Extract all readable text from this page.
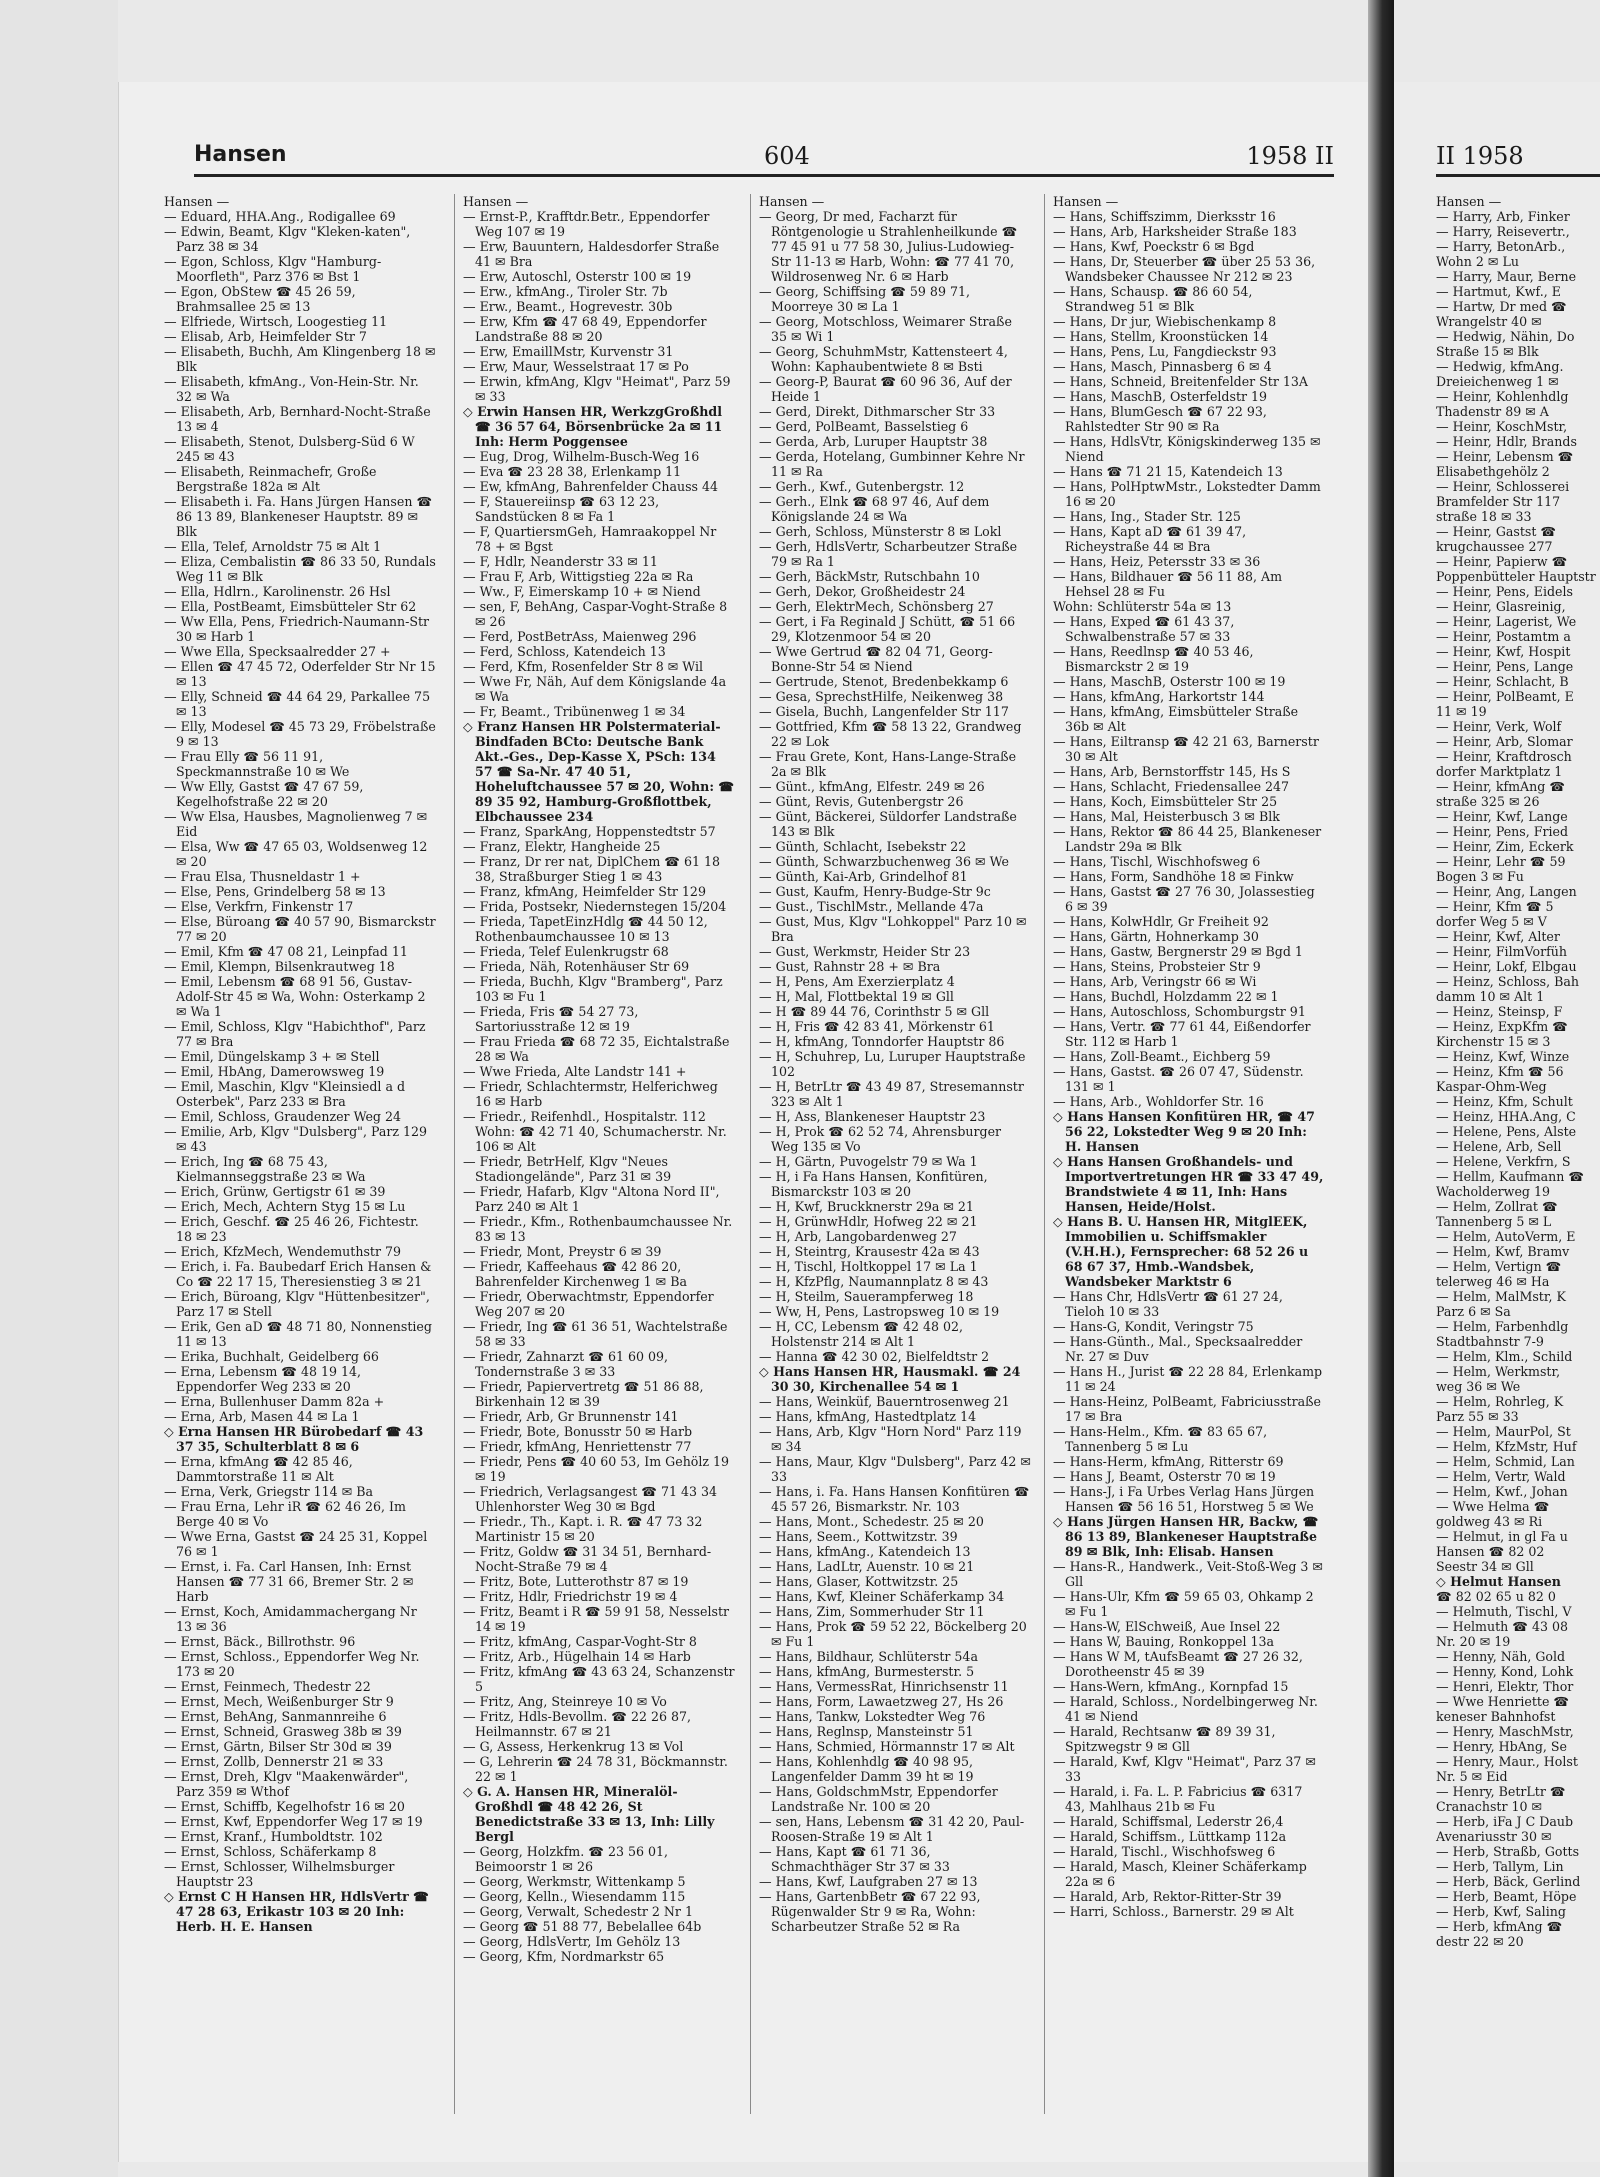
Hansen	604	1958 II
Hansen —
— Eduard, HHA.Ang., Rodigallee 69
— Edwin, Beamt, Klgv "Kleken-katen", Parz 38 ✉ 34
— Egon, Schloss, Klgv "Hamburg-Moorfleth", Parz 376 ✉ Bst 1
— Egon, ObStew ☎ 45 26 59, Brahmsallee 25 ✉ 13
— Elfriede, Wirtsch, Loogestieg 11
— Elisab, Arb, Heimfelder Str 7
— Elisabeth, Buchh, Am Klingenberg 18 ✉ Blk
— Elisabeth, kfmAng., Von-Hein-Str. Nr. 32 ✉ Wa
— Elisabeth, Arb, Bernhard-Nocht-Straße 13 ✉ 4
— Elisabeth, Stenot, Dulsberg-Süd 6 W 245 ✉ 43
— Elisabeth, Reinmachefr, Große Bergstraße 182a ✉ Alt
— Elisabeth i. Fa. Hans Jürgen Hansen ☎ 86 13 89, Blankeneser Hauptstr. 89 ✉ Blk
— Ella, Telef, Arnoldstr 75 ✉ Alt 1
— Eliza, Cembalistin ☎ 86 33 50, Rundals Weg 11 ✉ Blk
— Ella, Hdlrn., Karolinenstr. 26 Hsl
— Ella, PostBeamt, Eimsbütteler Str 62
— Ww Ella, Pens, Friedrich-Naumann-Str 30 ✉ Harb 1
— Wwe Ella, Specksaalredder 27 +
— Ellen ☎ 47 45 72, Oderfelder Str Nr 15 ✉ 13
— Elly, Schneid ☎ 44 64 29, Parkallee 75 ✉ 13
— Elly, Modesel ☎ 45 73 29, Fröbelstraße 9 ✉ 13
— Frau Elly ☎ 56 11 91, Speckmannstraße 10 ✉ We
— Ww Elly, Gastst ☎ 47 67 59, Kegelhofstraße 22 ✉ 20
— Ww Elsa, Hausbes, Magnolienweg 7 ✉ Eid
— Elsa, Ww ☎ 47 65 03, Woldsenweg 12 ✉ 20
— Frau Elsa, Thusneldastr 1 +
— Else, Pens, Grindelberg 58 ✉ 13
— Else, Verkfrn, Finkenstr 17
— Else, Büroang ☎ 40 57 90, Bismarckstr 77 ✉ 20
— Emil, Kfm ☎ 47 08 21, Leinpfad 11
— Emil, Klempn, Bilsenkrautweg 18
— Emil, Lebensm ☎ 68 91 56, Gustav-Adolf-Str 45 ✉ Wa, Wohn: Osterkamp 2 ✉ Wa 1
— Emil, Schloss, Klgv "Habichthof", Parz 77 ✉ Bra
— Emil, Düngelskamp 3 + ✉ Stell
— Emil, HbAng, Damerowsweg 19
— Emil, Maschin, Klgv "Kleinsiedl a d Osterbek", Parz 233 ✉ Bra
— Emil, Schloss, Graudenzer Weg 24
— Emilie, Arb, Klgv "Dulsberg", Parz 129 ✉ 43
— Erich, Ing ☎ 68 75 43, Kielmannseggstraße 23 ✉ Wa
— Erich, Grünw, Gertigstr 61 ✉ 39
— Erich, Mech, Achtern Styg 15 ✉ Lu
— Erich, Geschf. ☎ 25 46 26, Fichtestr. 18 ✉ 23
— Erich, KfzMech, Wendemuthstr 79
— Erich, i. Fa. Baubedarf Erich Hansen & Co ☎ 22 17 15, Theresienstieg 3 ✉ 21
— Erich, Büroang, Klgv "Hüttenbesitzer", Parz 17 ✉ Stell
— Erik, Gen aD ☎ 48 71 80, Nonnenstieg 11 ✉ 13
— Erika, Buchhalt, Geidelberg 66
— Erna, Lebensm ☎ 48 19 14, Eppendorfer Weg 233 ✉ 20
— Erna, Bullenhuser Damm 82a +
— Erna, Arb, Masen 44 ✉ La 1
◇ Erna Hansen HR Bürobedarf ☎ 43 37 35, Schulterblatt 8 ✉ 6
— Erna, kfmAng ☎ 42 85 46, Dammtorstraße 11 ✉ Alt
— Erna, Verk, Griegstr 114 ✉ Ba
— Frau Erna, Lehr iR ☎ 62 46 26, Im Berge 40 ✉ Vo
— Wwe Erna, Gastst ☎ 24 25 31, Koppel 76 ✉ 1
— Ernst, i. Fa. Carl Hansen, Inh: Ernst Hansen ☎ 77 31 66, Bremer Str. 2 ✉ Harb
— Ernst, Koch, Amidammachergang Nr 13 ✉ 36
— Ernst, Bäck., Billrothstr. 96
— Ernst, Schloss., Eppendorfer Weg Nr. 173 ✉ 20
— Ernst, Feinmech, Thedestr 22
— Ernst, Mech, Weißenburger Str 9
— Ernst, BehAng, Sanmannreihe 6
— Ernst, Schneid, Grasweg 38b ✉ 39
— Ernst, Gärtn, Bilser Str 30d ✉ 39
— Ernst, Zollb, Dennerstr 21 ✉ 33
— Ernst, Dreh, Klgv "Maakenwärder", Parz 359 ✉ Wthof
— Ernst, Schiffb, Kegelhofstr 16 ✉ 20
— Ernst, Kwf, Eppendorfer Weg 17 ✉ 19
— Ernst, Kranf., Humboldtstr. 102
— Ernst, Schloss, Schäferkamp 8
— Ernst, Schlosser, Wilhelmsburger Hauptstr 23
◇ Ernst C H Hansen HR, HdlsVertr ☎ 47 28 63, Erikastr 103 ✉ 20 Inh: Herb. H. E. Hansen
Hansen —
— Ernst-P., Krafftdr.Betr., Eppendorfer Weg 107 ✉ 19
— Erw, Bauuntern, Haldesdorfer Straße 41 ✉ Bra
— Erw, Autoschl, Osterstr 100 ✉ 19
— Erw., kfmAng., Tiroler Str. 7b
— Erw., Beamt., Hogrevestr. 30b
— Erw, Kfm ☎ 47 68 49, Eppendorfer Landstraße 88 ✉ 20
— Erw, EmaillMstr, Kurvenstr 31
— Erw, Maur, Wesselstraat 17 ✉ Po
— Erwin, kfmAng, Klgv "Heimat", Parz 59 ✉ 33
◇ Erwin Hansen HR, WerkzgGroßhdl ☎ 36 57 64, Börsenbrücke 2a ✉ 11 Inh: Herm Poggensee
— Eug, Drog, Wilhelm-Busch-Weg 16
— Eva ☎ 23 28 38, Erlenkamp 11
— Ew, kfmAng, Bahrenfelder Chauss 44
— F, Stauereiinsp ☎ 63 12 23, Sandstücken 8 ✉ Fa 1
— F, QuartiersmGeh, Hamraakoppel Nr 78 + ✉ Bgst
— F, Hdlr, Neanderstr 33 ✉ 11
— Frau F, Arb, Wittigstieg 22a ✉ Ra
— Ww., F, Eimerskamp 10 + ✉ Niend
— sen, F, BehAng, Caspar-Voght-Straße 8 ✉ 26
— Ferd, PostBetrAss, Maienweg 296
— Ferd, Schloss, Katendeich 13
— Ferd, Kfm, Rosenfelder Str 8 ✉ Wil
— Wwe Fr, Näh, Auf dem Königslande 4a ✉ Wa
— Fr, Beamt., Tribünenweg 1 ✉ 34
◇ Franz Hansen HR Polstermaterial-Bindfaden BCto: Deutsche Bank Akt.-Ges., Dep-Kasse X, PSch: 134 57 ☎ Sa-Nr. 47 40 51, Hoheluftchaussee 57 ✉ 20, Wohn: ☎ 89 35 92, Hamburg-Großflottbek, Elbchaussee 234
— Franz, SparkAng, Hoppenstedtstr 57
— Franz, Elektr, Hangheide 25
— Franz, Dr rer nat, DiplChem ☎ 61 18 38, Straßburger Stieg 1 ✉ 43
— Franz, kfmAng, Heimfelder Str 129
— Frida, Postsekr, Niedernstegen 15/204
— Frieda, TapetEinzHdlg ☎ 44 50 12, Rothenbaumchaussee 10 ✉ 13
— Frieda, Telef Eulenkrugstr 68
— Frieda, Näh, Rotenhäuser Str 69
— Frieda, Buchh, Klgv "Bramberg", Parz 103 ✉ Fu 1
— Frieda, Fris ☎ 54 27 73, Sartoriusstraße 12 ✉ 19
— Frau Frieda ☎ 68 72 35, Eichtalstraße 28 ✉ Wa
— Wwe Frieda, Alte Landstr 141 +
— Friedr, Schlachtermstr, Helferichweg 16 ✉ Harb
— Friedr., Reifenhdl., Hospitalstr. 112 Wohn: ☎ 42 71 40, Schumacherstr. Nr. 106 ✉ Alt
— Friedr, BetrHelf, Klgv "Neues Stadiongelände", Parz 31 ✉ 39
— Friedr, Hafarb, Klgv "Altona Nord II", Parz 240 ✉ Alt 1
— Friedr., Kfm., Rothenbaumchaussee Nr. 83 ✉ 13
— Friedr, Mont, Preystr 6 ✉ 39
— Friedr, Kaffeehaus ☎ 42 86 20, Bahrenfelder Kirchenweg 1 ✉ Ba
— Friedr, Oberwachtmstr, Eppendorfer Weg 207 ✉ 20
— Friedr, Ing ☎ 61 36 51, Wachtelstraße 58 ✉ 33
— Friedr, Zahnarzt ☎ 61 60 09, Tondernstraße 3 ✉ 33
— Friedr, Papiervertretg ☎ 51 86 88, Birkenhain 12 ✉ 39
— Friedr, Arb, Gr Brunnenstr 141
— Friedr, Bote, Bonusstr 50 ✉ Harb
— Friedr, kfmAng, Henriettenstr 77
— Friedr, Pens ☎ 40 60 53, Im Gehölz 19 ✉ 19
— Friedrich, Verlagsangest ☎ 71 43 34 Uhlenhorster Weg 30 ✉ Bgd
— Friedr., Th., Kapt. i. R. ☎ 47 73 32 Martinistr 15 ✉ 20
— Fritz, Goldw ☎ 31 34 51, Bernhard-Nocht-Straße 79 ✉ 4
— Fritz, Bote, Lutterothstr 87 ✉ 19
— Fritz, Hdlr, Friedrichstr 19 ✉ 4
— Fritz, Beamt i R ☎ 59 91 58, Nesselstr 14 ✉ 19
— Fritz, kfmAng, Caspar-Voght-Str 8
— Fritz, Arb., Hügelhain 14 ✉ Harb
— Fritz, kfmAng ☎ 43 63 24, Schanzenstr 5
— Fritz, Ang, Steinreye 10 ✉ Vo
— Fritz, Hdls-Bevollm. ☎ 22 26 87, Heilmannstr. 67 ✉ 21
— G, Assess, Herkenkrug 13 ✉ Vol
— G, Lehrerin ☎ 24 78 31, Böckmannstr. 22 ✉ 1
◇ G. A. Hansen HR, Mineralöl-Großhdl ☎ 48 42 26, St Benedictstraße 33 ✉ 13, Inh: Lilly Bergl
— Georg, Holzkfm. ☎ 23 56 01, Beimoorstr 1 ✉ 26
— Georg, Werkmstr, Wittenkamp 5
— Georg, Kelln., Wiesendamm 115
— Georg, Verwalt, Schedestr 2 Nr 1
— Georg ☎ 51 88 77, Bebelallee 64b
— Georg, HdlsVertr, Im Gehölz 13
— Georg, Kfm, Nordmarkstr 65
Hansen —
— Georg, Dr med, Facharzt für Röntgenologie u Strahlenheilkunde ☎ 77 45 91 u 77 58 30, Julius-Ludowieg-Str 11-13 ✉ Harb, Wohn: ☎ 77 41 70, Wildrosenweg Nr. 6 ✉ Harb
— Georg, Schiffsing ☎ 59 89 71, Moorreye 30 ✉ La 1
— Georg, Motschloss, Weimarer Straße 35 ✉ Wi 1
— Georg, SchuhmMstr, Kattensteert 4, Wohn: Kaphaubentwiete 8 ✉ Bsti
— Georg-P, Baurat ☎ 60 96 36, Auf der Heide 1
— Gerd, Direkt, Dithmarscher Str 33
— Gerd, PolBeamt, Basselstieg 6
— Gerda, Arb, Luruper Hauptstr 38
— Gerda, Hotelang, Gumbinner Kehre Nr 11 ✉ Ra
— Gerh., Kwf., Gutenbergstr. 12
— Gerh., Elnk ☎ 68 97 46, Auf dem Königslande 24 ✉ Wa
— Gerh, Schloss, Münsterstr 8 ✉ Lokl
— Gerh, HdlsVertr, Scharbeutzer Straße 79 ✉ Ra 1
— Gerh, BäckMstr, Rutschbahn 10
— Gerh, Dekor, Großheidestr 24
— Gerh, ElektrMech, Schönsberg 27
— Gert, i Fa Reginald J Schütt, ☎ 51 66 29, Klotzenmoor 54 ✉ 20
— Wwe Gertrud ☎ 82 04 71, Georg-Bonne-Str 54 ✉ Niend
— Gertrude, Stenot, Bredenbekkamp 6
— Gesa, SprechstHilfe, Neikenweg 38
— Gisela, Buchh, Langenfelder Str 117
— Gottfried, Kfm ☎ 58 13 22, Grandweg 22 ✉ Lok
— Frau Grete, Kont, Hans-Lange-Straße 2a ✉ Blk
— Günt., kfmAng, Elfestr. 249 ✉ 26
— Günt, Revis, Gutenbergstr 26
— Günt, Bäckerei, Süldorfer Landstraße 143 ✉ Blk
— Günth, Schlacht, Isebekstr 22
— Günth, Schwarzbuchenweg 36 ✉ We
— Günth, Kai-Arb, Grindelhof 81
— Gust, Kaufm, Henry-Budge-Str 9c
— Gust., TischlMstr., Mellande 47a
— Gust, Mus, Klgv "Lohkoppel" Parz 10 ✉ Bra
— Gust, Werkmstr, Heider Str 23
— Gust, Rahnstr 28 + ✉ Bra
— H, Pens, Am Exerzierplatz 4
— H, Mal, Flottbektal 19 ✉ Gll
— H ☎ 89 44 76, Corinthstr 5 ✉ Gll
— H, Fris ☎ 42 83 41, Mörkenstr 61
— H, kfmAng, Tonndorfer Hauptstr 86
— H, Schuhrep, Lu, Luruper Hauptstraße 102
— H, BetrLtr ☎ 43 49 87, Stresemannstr 323 ✉ Alt 1
— H, Ass, Blankeneser Hauptstr 23
— H, Prok ☎ 62 52 74, Ahrensburger Weg 135 ✉ Vo
— H, Gärtn, Puvogelstr 79 ✉ Wa 1
— H, i Fa Hans Hansen, Konfitüren, Bismarckstr 103 ✉ 20
— H, Kwf, Bruckknerstr 29a ✉ 21
— H, GrünwHdlr, Hofweg 22 ✉ 21
— H, Arb, Langobardenweg 27
— H, Steintrg, Krausestr 42a ✉ 43
— H, Tischl, Holtkoppel 17 ✉ La 1
— H, KfzPflg, Naumannplatz 8 ✉ 43
— H, Steilm, Sauerampferweg 18
— Ww, H, Pens, Lastropsweg 10 ✉ 19
— H, CC, Lebensm ☎ 42 48 02, Holstenstr 214 ✉ Alt 1
— Hanna ☎ 42 30 02, Bielfeldtstr 2
◇ Hans Hansen HR, Hausmakl. ☎ 24 30 30, Kirchenallee 54 ✉ 1
— Hans, Weinküf, Bauerntrosenweg 21
— Hans, kfmAng, Hastedtplatz 14
— Hans, Arb, Klgv "Horn Nord" Parz 119 ✉ 34
— Hans, Maur, Klgv "Dulsberg", Parz 42 ✉ 33
— Hans, i. Fa. Hans Hansen Konfitüren ☎ 45 57 26, Bismarkstr. Nr. 103
— Hans, Mont., Schedestr. 25 ✉ 20
— Hans, Seem., Kottwitzstr. 39
— Hans, kfmAng., Katendeich 13
— Hans, LadLtr, Auenstr. 10 ✉ 21
— Hans, Glaser, Kottwitzstr. 25
— Hans, Kwf, Kleiner Schäferkamp 34
— Hans, Zim, Sommerhuder Str 11
— Hans, Prok ☎ 59 52 22, Böckelberg 20 ✉ Fu 1
— Hans, Bildhaur, Schlüterstr 54a
— Hans, kfmAng, Burmesterstr. 5
— Hans, VermessRat, Hinrichsenstr 11
— Hans, Form, Lawaetzweg 27, Hs 26
— Hans, Tankw, Lokstedter Weg 76
— Hans, Reglnsp, Mansteinstr 51
— Hans, Schmied, Hörmannstr 17 ✉ Alt
— Hans, Kohlenhdlg ☎ 40 98 95, Langenfelder Damm 39 ht ✉ 19
— Hans, GoldschmMstr, Eppendorfer Landstraße Nr. 100 ✉ 20
— sen, Hans, Lebensm ☎ 31 42 20, Paul-Roosen-Straße 19 ✉ Alt 1
— Hans, Kapt ☎ 61 71 36, Schmachthäger Str 37 ✉ 33
— Hans, Kwf, Laufgraben 27 ✉ 13
— Hans, GartenbBetr ☎ 67 22 93, Rügenwalder Str 9 ✉ Ra, Wohn: Scharbeutzer Straße 52 ✉ Ra
Hansen —
— Hans, Schiffszimm, Dierksstr 16
— Hans, Arb, Harksheider Straße 183
— Hans, Kwf, Poeckstr 6 ✉ Bgd
— Hans, Dr, Steuerber ☎ über 25 53 36, Wandsbeker Chaussee Nr 212 ✉ 23
— Hans, Schausp. ☎ 86 60 54, Strandweg 51 ✉ Blk
— Hans, Dr jur, Wiebischenkamp 8
— Hans, Stellm, Kroonstücken 14
— Hans, Pens, Lu, Fangdieckstr 93
— Hans, Masch, Pinnasberg 6 ✉ 4
— Hans, Schneid, Breitenfelder Str 13A
— Hans, MaschB, Osterfeldstr 19
— Hans, BlumGesch ☎ 67 22 93, Rahlstedter Str 90 ✉ Ra
— Hans, HdlsVtr, Königskinderweg 135 ✉ Niend
— Hans ☎ 71 21 15, Katendeich 13
— Hans, PolHptwMstr., Lokstedter Damm 16 ✉ 20
— Hans, Ing., Stader Str. 125
— Hans, Kapt aD ☎ 61 39 47, Richeystraße 44 ✉ Bra
— Hans, Heiz, Petersstr 33 ✉ 36
— Hans, Bildhauer ☎ 56 11 88, Am Hehsel 28 ✉ Fu
Wohn: Schlüterstr 54a ✉ 13
— Hans, Exped ☎ 61 43 37, Schwalbenstraße 57 ✉ 33
— Hans, Reedlnsp ☎ 40 53 46, Bismarckstr 2 ✉ 19
— Hans, MaschB, Osterstr 100 ✉ 19
— Hans, kfmAng, Harkortstr 144
— Hans, kfmAng, Eimsbütteler Straße 36b ✉ Alt
— Hans, Eiltransp ☎ 42 21 63, Barnerstr 30 ✉ Alt
— Hans, Arb, Bernstorffstr 145, Hs S
— Hans, Schlacht, Friedensallee 247
— Hans, Koch, Eimsbütteler Str 25
— Hans, Mal, Heisterbusch 3 ✉ Blk
— Hans, Rektor ☎ 86 44 25, Blankeneser Landstr 29a ✉ Blk
— Hans, Tischl, Wischhofsweg 6
— Hans, Form, Sandhöhe 18 ✉ Finkw
— Hans, Gastst ☎ 27 76 30, Jolassestieg 6 ✉ 39
— Hans, KolwHdlr, Gr Freiheit 92
— Hans, Gärtn, Hohnerkamp 30
— Hans, Gastw, Bergnerstr 29 ✉ Bgd 1
— Hans, Steins, Probsteier Str 9
— Hans, Arb, Veringstr 66 ✉ Wi
— Hans, Buchdl, Holzdamm 22 ✉ 1
— Hans, Autoschloss, Schomburgstr 91
— Hans, Vertr. ☎ 77 61 44, Eißendorfer Str. 112 ✉ Harb 1
— Hans, Zoll-Beamt., Eichberg 59
— Hans, Gastst. ☎ 26 07 47, Südenstr. 131 ✉ 1
— Hans, Arb., Wohldorfer Str. 16
◇ Hans Hansen Konfitüren HR, ☎ 47 56 22, Lokstedter Weg 9 ✉ 20 Inh: H. Hansen
◇ Hans Hansen Großhandels- und Importvertretungen HR ☎ 33 47 49, Brandstwiete 4 ✉ 11, Inh: Hans Hansen, Heide/Holst.
◇ Hans B. U. Hansen HR, MitglEEK, Immobilien u. Schiffsmakler (V.H.H.), Fernsprecher: 68 52 26 u 68 67 37, Hmb.-Wandsbek, Wandsbeker Marktstr 6
— Hans Chr, HdlsVertr ☎ 61 27 24, Tieloh 10 ✉ 33
— Hans-G, Kondit, Veringstr 75
— Hans-Günth., Mal., Specksaalredder Nr. 27 ✉ Duv
— Hans H., Jurist ☎ 22 28 84, Erlenkamp 11 ✉ 24
— Hans-Heinz, PolBeamt, Fabriciusstraße 17 ✉ Bra
— Hans-Helm., Kfm. ☎ 83 65 67, Tannenberg 5 ✉ Lu
— Hans-Herm, kfmAng, Ritterstr 69
— Hans J, Beamt, Osterstr 70 ✉ 19
— Hans-J, i Fa Urbes Verlag Hans Jürgen Hansen ☎ 56 16 51, Horstweg 5 ✉ We
◇ Hans Jürgen Hansen HR, Backw, ☎ 86 13 89, Blankeneser Hauptstraße 89 ✉ Blk, Inh: Elisab. Hansen
— Hans-R., Handwerk., Veit-Stoß-Weg 3 ✉ Gll
— Hans-Ulr, Kfm ☎ 59 65 03, Ohkamp 2 ✉ Fu 1
— Hans-W, ElSchweiß, Aue Insel 22
— Hans W, Bauing, Ronkoppel 13a
— Hans W M, tAufsBeamt ☎ 27 26 32, Dorotheenstr 45 ✉ 39
— Hans-Wern, kfmAng., Kornpfad 15
— Harald, Schloss., Nordelbingerweg Nr. 41 ✉ Niend
— Harald, Rechtsanw ☎ 89 39 31, Spitzwegstr 9 ✉ Gll
— Harald, Kwf, Klgv "Heimat", Parz 37 ✉ 33
— Harald, i. Fa. L. P. Fabricius ☎ 6317 43, Mahlhaus 21b ✉ Fu
— Harald, Schiffsmal, Lederstr 26,4
— Harald, Schiffsm., Lüttkamp 112a
— Harald, Tischl., Wischhofsweg 6
— Harald, Masch, Kleiner Schäferkamp 22a ✉ 6
— Harald, Arb, Rektor-Ritter-Str 39
— Harri, Schloss., Barnerstr. 29 ✉ Alt
II 1958
Hansen —
— Harry, Arb, Finker
— Harry, Reisevertr.,
— Harry, BetonArb.,
Wohn 2 ✉ Lu
— Harry, Maur, Berne
— Hartmut, Kwf., E
— Hartw, Dr med ☎
Wrangelstr 40 ✉
— Hedwig, Nähin, Do
Straße 15 ✉ Blk
— Hedwig, kfmAng.
Dreieichenweg 1 ✉
— Heinr, Kohlenhdlg
Thadenstr 89 ✉ A
— Heinr, KoschMstr,
— Heinr, Hdlr, Brands
— Heinr, Lebensm ☎
Elisabethgehölz 2
— Heinr, Schlosserei
Bramfelder Str 117
straße 18 ✉ 33
— Heinr, Gastst ☎
krugchaussee 277
— Heinr, Papierw ☎
Poppenbütteler Hauptstr
— Heinr, Pens, Eidels
— Heinr, Glasreinig,
— Heinr, Lagerist, We
— Heinr, Postamtm a
— Heinr, Kwf, Hospit
— Heinr, Pens, Lange
— Heinr, Schlacht, B
— Heinr, PolBeamt, E
11 ✉ 19
— Heinr, Verk, Wolf
— Heinr, Arb, Slomar
— Heinr, Kraftdrosch
dorfer Marktplatz 1
— Heinr, kfmAng ☎
straße 325 ✉ 26
— Heinr, Kwf, Lange
— Heinr, Pens, Fried
— Heinr, Zim, Eckerk
— Heinr, Lehr ☎ 59
Bogen 3 ✉ Fu
— Heinr, Ang, Langen
— Heinr, Kfm ☎ 5
dorfer Weg 5 ✉ V
— Heinr, Kwf, Alter
— Heinr, FilmVorfüh
— Heinr, Lokf, Elbgau
— Heinz, Schloss, Bah
damm 10 ✉ Alt 1
— Heinz, Steinsp, F
— Heinz, ExpKfm ☎
Kirchenstr 15 ✉ 3
— Heinz, Kwf, Winze
— Heinz, Kfm ☎ 56
Kaspar-Ohm-Weg
— Heinz, Kfm, Schult
— Heinz, HHA.Ang, C
— Helene, Pens, Alste
— Helene, Arb, Sell
— Helene, Verkfrn, S
— Hellm, Kaufmann ☎
Wacholderweg 19
— Helm, Zollrat ☎
Tannenberg 5 ✉ L
— Helm, AutoVerm, E
— Helm, Kwf, Bramv
— Helm, Vertign ☎
telerweg 46 ✉ Ha
— Helm, MalMstr, K
Parz 6 ✉ Sa
— Helm, Farbenhdlg
Stadtbahnstr 7-9
— Helm, Klm., Schild
— Helm, Werkmstr,
weg 36 ✉ We
— Helm, Rohrleg, K
Parz 55 ✉ 33
— Helm, MaurPol, St
— Helm, KfzMstr, Huf
— Helm, Schmid, Lan
— Helm, Vertr, Wald
— Helm, Kwf., Johan
— Wwe Helma ☎
goldweg 43 ✉ Ri
— Helmut, in gl Fa u
Hansen ☎ 82 02
Seestr 34 ✉ Gll
◇ Helmut Hansen
☎ 82 02 65 u 82 0
— Helmuth, Tischl, V
— Helmuth ☎ 43 08
Nr. 20 ✉ 19
— Henny, Näh, Gold
— Henny, Kond, Lohk
— Henri, Elektr, Thor
— Wwe Henriette ☎
keneser Bahnhofst
— Henry, MaschMstr,
— Henry, HbAng, Se
— Henry, Maur., Holst
Nr. 5 ✉ Eid
— Henry, BetrLtr ☎
Cranachstr 10 ✉
— Herb, iFa J C Daub
Avenariusstr 30 ✉
— Herb, Straßb, Gotts
— Herb, Tallym, Lin
— Herb, Bäck, Gerlind
— Herb, Beamt, Höpe
— Herb, Kwf, Saling
— Herb, kfmAng ☎
destr 22 ✉ 20
